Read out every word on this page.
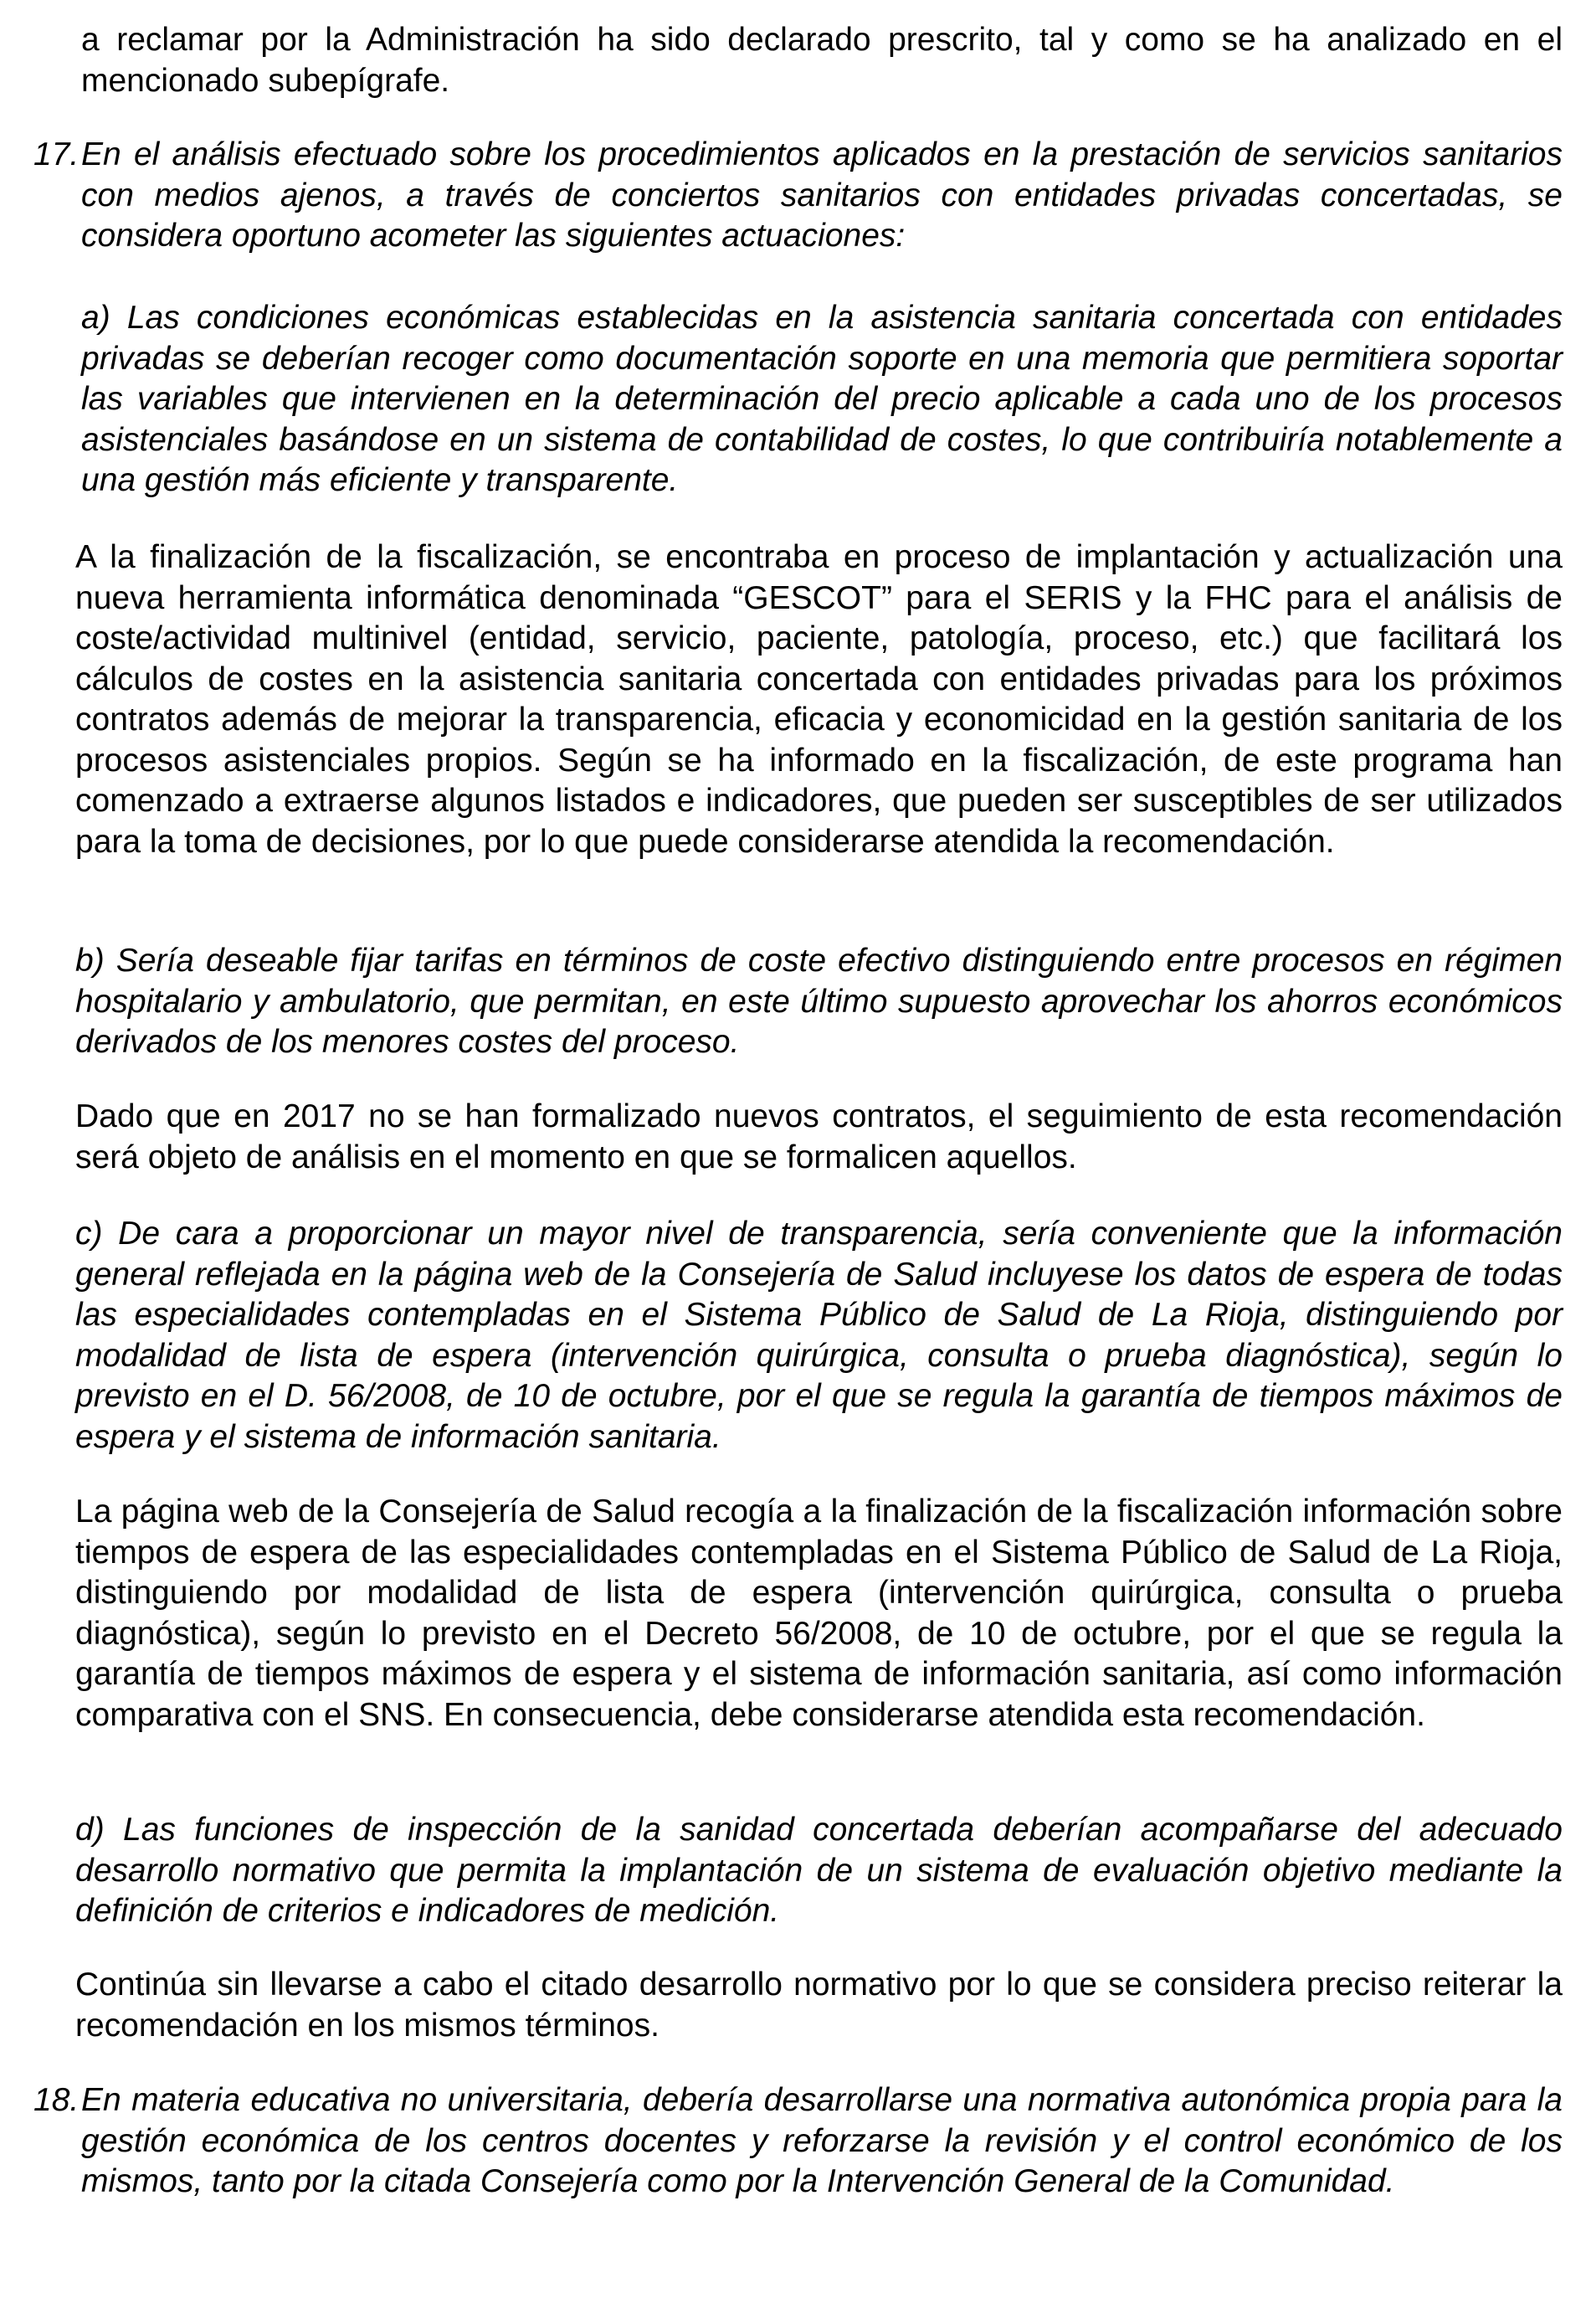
a reclamar por la Administración ha sido declarado prescrito, tal y como se ha analizado en el mencionado subepígrafe.

17. En el análisis efectuado sobre los procedimientos aplicados en la prestación de servicios sanitarios con medios ajenos, a través de conciertos sanitarios con entidades privadas concertadas, se considera oportuno acometer las siguientes actuaciones:

a) Las condiciones económicas establecidas en la asistencia sanitaria concertada con entidades privadas se deberían recoger como documentación soporte en una memoria que permitiera soportar las variables que intervienen en la determinación del precio aplicable a cada uno de los procesos asistenciales basándose en un sistema de contabilidad de costes, lo que contribuiría notablemente a una gestión más eficiente y transparente.

A la finalización de la fiscalización, se encontraba en proceso de implantación y actualización una nueva herramienta informática denominada “GESCOT” para el SERIS y la FHC para el análisis de coste/actividad multinivel (entidad, servicio, paciente, patología, proceso, etc.) que facilitará los cálculos de costes en la asistencia sanitaria concertada con entidades privadas para los próximos contratos además de mejorar la transparencia, eficacia y economicidad en la gestión sanitaria de los procesos asistenciales propios. Según se ha informado en la fiscalización, de este programa han comenzado a extraerse algunos listados e indicadores, que pueden ser susceptibles de ser utilizados para la toma de decisiones, por lo que puede considerarse atendida la recomendación.

b) Sería deseable fijar tarifas en términos de coste efectivo distinguiendo entre procesos en régimen hospitalario y ambulatorio, que permitan, en este último supuesto aprovechar los ahorros económicos derivados de los menores costes del proceso.

Dado que en 2017 no se han formalizado nuevos contratos, el seguimiento de esta recomendación será objeto de análisis en el momento en que se formalicen aquellos.

c) De cara a proporcionar un mayor nivel de transparencia, sería conveniente que la información general reflejada en la página web de la Consejería de Salud incluyese los datos de espera de todas las especialidades contempladas en el Sistema Público de Salud de La Rioja, distinguiendo por modalidad de lista de espera (intervención quirúrgica, consulta o prueba diagnóstica), según lo previsto en el D. 56/2008, de 10 de octubre, por el que se regula la garantía de tiempos máximos de espera y el sistema de información sanitaria.

La página web de la Consejería de Salud recogía a la finalización de la fiscalización información sobre tiempos de espera de las especialidades contempladas en el Sistema Público de Salud de La Rioja, distinguiendo por modalidad de lista de espera (intervención quirúrgica, consulta o prueba diagnóstica), según lo previsto en el Decreto 56/2008, de 10 de octubre, por el que se regula la garantía de tiempos máximos de espera y el sistema de información sanitaria, así como información comparativa con el SNS. En consecuencia, debe considerarse atendida esta recomendación.

d) Las funciones de inspección de la sanidad concertada deberían acompañarse del adecuado desarrollo normativo que permita la implantación de un sistema de evaluación objetivo mediante la definición de criterios e indicadores de medición.

Continúa sin llevarse a cabo el citado desarrollo normativo por lo que se considera preciso reiterar la recomendación en los mismos términos.

18. En materia educativa no universitaria, debería desarrollarse una normativa autonómica propia para la gestión económica de los centros docentes y reforzarse la revisión y el control económico de los mismos, tanto por la citada Consejería como por la Intervención General de la Comunidad.
